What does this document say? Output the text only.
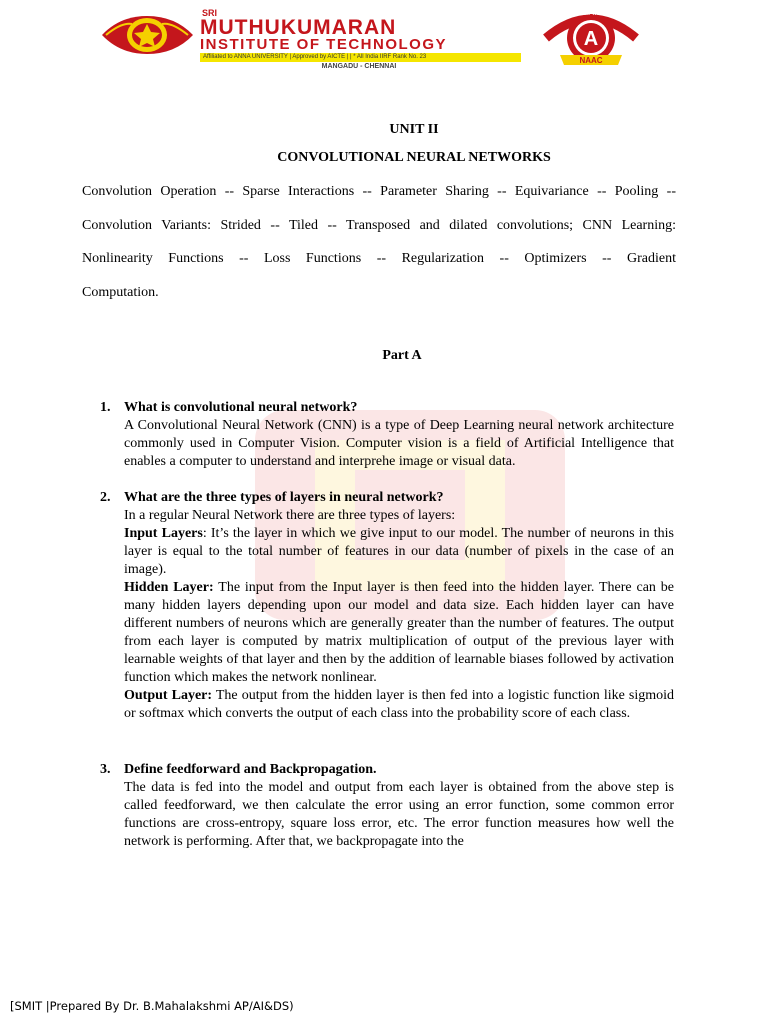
SRI
MUTHUKUMARAN
INSTITUTE OF TECHNOLOGY
Affiliated to ANNA UNIVERSITY | Approved by AICTE | | * All India IIRF Rank No. 23
MANGADU - CHENNAI
A
NAAC
ACCREDITED WITH GRADE
UNIT II
CONVOLUTIONAL NEURAL NETWORKS
Convolution Operation -- Sparse Interactions -- Parameter Sharing -- Equivariance -- Pooling --
Convolution Variants: Strided -- Tiled -- Transposed and dilated convolutions; CNN Learning:
Nonlinearity Functions -- Loss Functions -- Regularization -- Optimizers -- Gradient
Computation.
Part A
1. What is convolutional neural network?
A Convolutional Neural Network (CNN) is a type of Deep Learning neural network architecture commonly used in Computer Vision. Computer vision is a field of Artificial Intelligence that enables a computer to understand and interprehe image or visual data.
2. What are the three types of layers in neural network?
In a regular Neural Network there are three types of layers:
Input Layers: It’s the layer in which we give input to our model. The number of neurons in this layer is equal to the total number of features in our data (number of pixels in the case of an image).
Hidden Layer: The input from the Input layer is then feed into the hidden layer. There can be many hidden layers depending upon our model and data size. Each hidden layer can have different numbers of neurons which are generally greater than the number of features. The output from each layer is computed by matrix multiplication of output of the previous layer with learnable weights of that layer and then by the addition of learnable biases followed by activation function which makes the network nonlinear.
Output Layer: The output from the hidden layer is then fed into a logistic function like sigmoid or softmax which converts the output of each class into the probability score of each class.
3. Define feedforward and Backpropagation.
The data is fed into the model and output from each layer is obtained from the above step is called feedforward, we then calculate the error using an error function, some common error functions are cross-entropy, square loss error, etc. The error function measures how well the network is performing. After that, we backpropagate into the
[SMIT |Prepared By Dr. B.Mahalakshmi AP/AI&DS)
